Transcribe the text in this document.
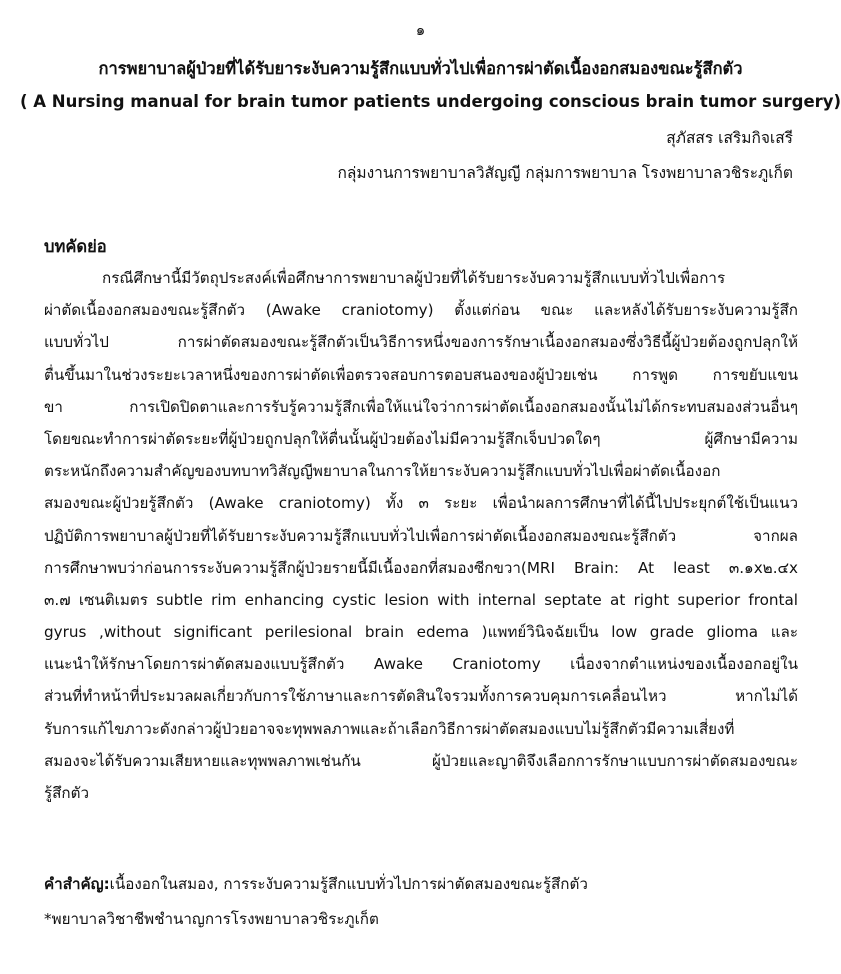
๑
การพยาบาลผู้ป่วยที่ได้รับยาระงับความรู้สึกแบบทั่วไปเพื่อการผ่าตัดเนื้องอกสมองขณะรู้สึกตัว
( A Nursing manual for brain tumor patients undergoing conscious brain tumor surgery)
สุภัสสร เสริมกิจเสรี
กลุ่มงานการพยาบาลวิสัญญี กลุ่มการพยาบาล โรงพยาบาลวชิระภูเก็ต
บทคัดย่อ
กรณีศึกษานี้มีวัตถุประสงค์เพื่อศึกษาการพยาบาลผู้ป่วยที่ได้รับยาระงับความรู้สึกแบบทั่วไปเพื่อการ
ผ่าตัดเนื้องอกสมองขณะรู้สึกตัว (Awake craniotomy) ตั้งแต่ก่อน ขณะ และหลังได้รับยาระงับความรู้สึก
แบบทั่วไป การผ่าตัดสมองขณะรู้สึกตัวเป็นวิธีการหนึ่งของการรักษาเนื้องอกสมองซึ่งวิธีนี้ผู้ป่วยต้องถูกปลุกให้
ตื่นขึ้นมาในช่วงระยะเวลาหนึ่งของการผ่าตัดเพื่อตรวจสอบการตอบสนองของผู้ป่วยเช่น การพูด การขยับแขน
ขา การเปิดปิดตาและการรับรู้ความรู้สึกเพื่อให้แน่ใจว่าการผ่าตัดเนื้องอกสมองนั้นไม่ได้กระทบสมองส่วนอื่นๆ
โดยขณะทำการผ่าตัดระยะที่ผู้ป่วยถูกปลุกให้ตื่นนั้นผู้ป่วยต้องไม่มีความรู้สึกเจ็บปวดใดๆ ผู้ศึกษามีความ
ตระหนักถึงความสำคัญของบทบาทวิสัญญีพยาบาลในการให้ยาระงับความรู้สึกแบบทั่วไปเพื่อผ่าตัดเนื้องอก
สมองขณะผู้ป่วยรู้สึกตัว (Awake craniotomy) ทั้ง ๓ ระยะ เพื่อนำผลการศึกษาที่ได้นี้ไปประยุกต์ใช้เป็นแนว
ปฏิบัติการพยาบาลผู้ป่วยที่ได้รับยาระงับความรู้สึกแบบทั่วไปเพื่อการผ่าตัดเนื้องอกสมองขณะรู้สึกตัว จากผล
การศึกษาพบว่าก่อนการระงับความรู้สึกผู้ป่วยรายนี้มีเนื้องอกที่สมองซีกขวา(MRI Brain: At least ๓.๑x๒.๔x
๓.๗ เซนติเมตร subtle rim enhancing cystic lesion with internal septate at right superior frontal
gyrus ,without significant perilesional brain edema )แพทย์วินิจฉัยเป็น low grade glioma และ
แนะนำให้รักษาโดยการผ่าตัดสมองแบบรู้สึกตัว Awake Craniotomy เนื่องจากตำแหน่งของเนื้องอกอยู่ใน
ส่วนที่ทำหน้าที่ประมวลผลเกี่ยวกับการใช้ภาษาและการตัดสินใจรวมทั้งการควบคุมการเคลื่อนไหว หากไม่ได้
รับการแก้ไขภาวะดังกล่าวผู้ป่วยอาจจะทุพพลภาพและถ้าเลือกวิธีการผ่าตัดสมองแบบไม่รู้สึกตัวมีความเสี่ยงที่
สมองจะได้รับความเสียหายและทุพพลภาพเช่นกัน ผู้ป่วยและญาติจึงเลือกการรักษาแบบการผ่าตัดสมองขณะ
รู้สึกตัว
คำสำคัญ:เนื้องอกในสมอง, การระงับความรู้สึกแบบทั่วไปการผ่าตัดสมองขณะรู้สึกตัว
*พยาบาลวิชาชีพชำนาญการโรงพยาบาลวชิระภูเก็ต
